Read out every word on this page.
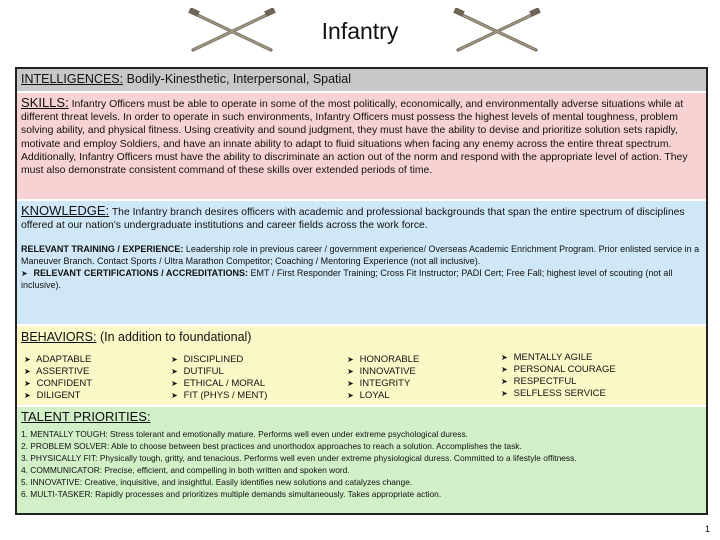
Infantry
INTELLIGENCES: Bodily-Kinesthetic, Interpersonal, Spatial
SKILLS: Infantry Officers must be able to operate in some of the most politically, economically, and environmentally adverse situations while at different threat levels. In order to operate in such environments, Infantry Officers must possess the highest levels of mental toughness, problem solving ability, and physical fitness. Using creativity and sound judgment, they must have the ability to devise and prioritize solution sets rapidly, motivate and employ Soldiers, and have an innate ability to adapt to fluid situations when facing any enemy across the entire threat spectrum. Additionally, Infantry Officers must have the ability to discriminate an action out of the norm and respond with the appropriate level of action. They must also demonstrate consistent command of these skills over extended periods of time.
KNOWLEDGE: The Infantry branch desires officers with academic and professional backgrounds that span the entire spectrum of disciplines offered at our nation's undergraduate institutions and career fields across the work force.
RELEVANT TRAINING / EXPERIENCE: Leadership role in previous career / government experience/ Overseas Academic Enrichment Program. Prior enlisted service in a Maneuver Branch. Contact Sports / Ultra Marathon Competitor; Coaching / Mentoring Experience (not all inclusive).
➤ RELEVANT CERTIFICATIONS / ACCREDITATIONS: EMT / First Responder Training; Cross Fit Instructor; PADI Cert; Free Fall; highest level of scouting (not all inclusive).
BEHAVIORS: (In addition to foundational)
➤ ADAPTABLE
➤ ASSERTIVE
➤ CONFIDENT
➤ DILIGENT
➤ DISCIPLINED
➤ DUTIFUL
➤ ETHICAL / MORAL
➤ FIT (PHYS / MENT)
➤ HONORABLE
➤ INNOVATIVE
➤ INTEGRITY
➤ LOYAL
➤ MENTALLY AGILE
➤ PERSONAL COURAGE
➤ RESPECTFUL
➤ SELFLESS SERVICE
TALENT PRIORITIES:
1. MENTALLY TOUGH: Stress tolerant and emotionally mature. Performs well even under extreme psychological duress.
2. PROBLEM SOLVER: Able to choose between best practices and unorthodox approaches to reach a solution. Accomplishes the task.
3. PHYSICALLY FIT: Physically tough, gritty, and tenacious. Performs well even under extreme physiological duress. Committed to a lifestyle offitness.
4. COMMUNICATOR: Precise, efficient, and compelling in both written and spoken word.
5. INNOVATIVE: Creative, inquisitive, and insightful. Easily identifies new solutions and catalyzes change.
6. MULTI-TASKER: Rapidly processes and prioritizes multiple demands simultaneously. Takes appropriate action.
1
